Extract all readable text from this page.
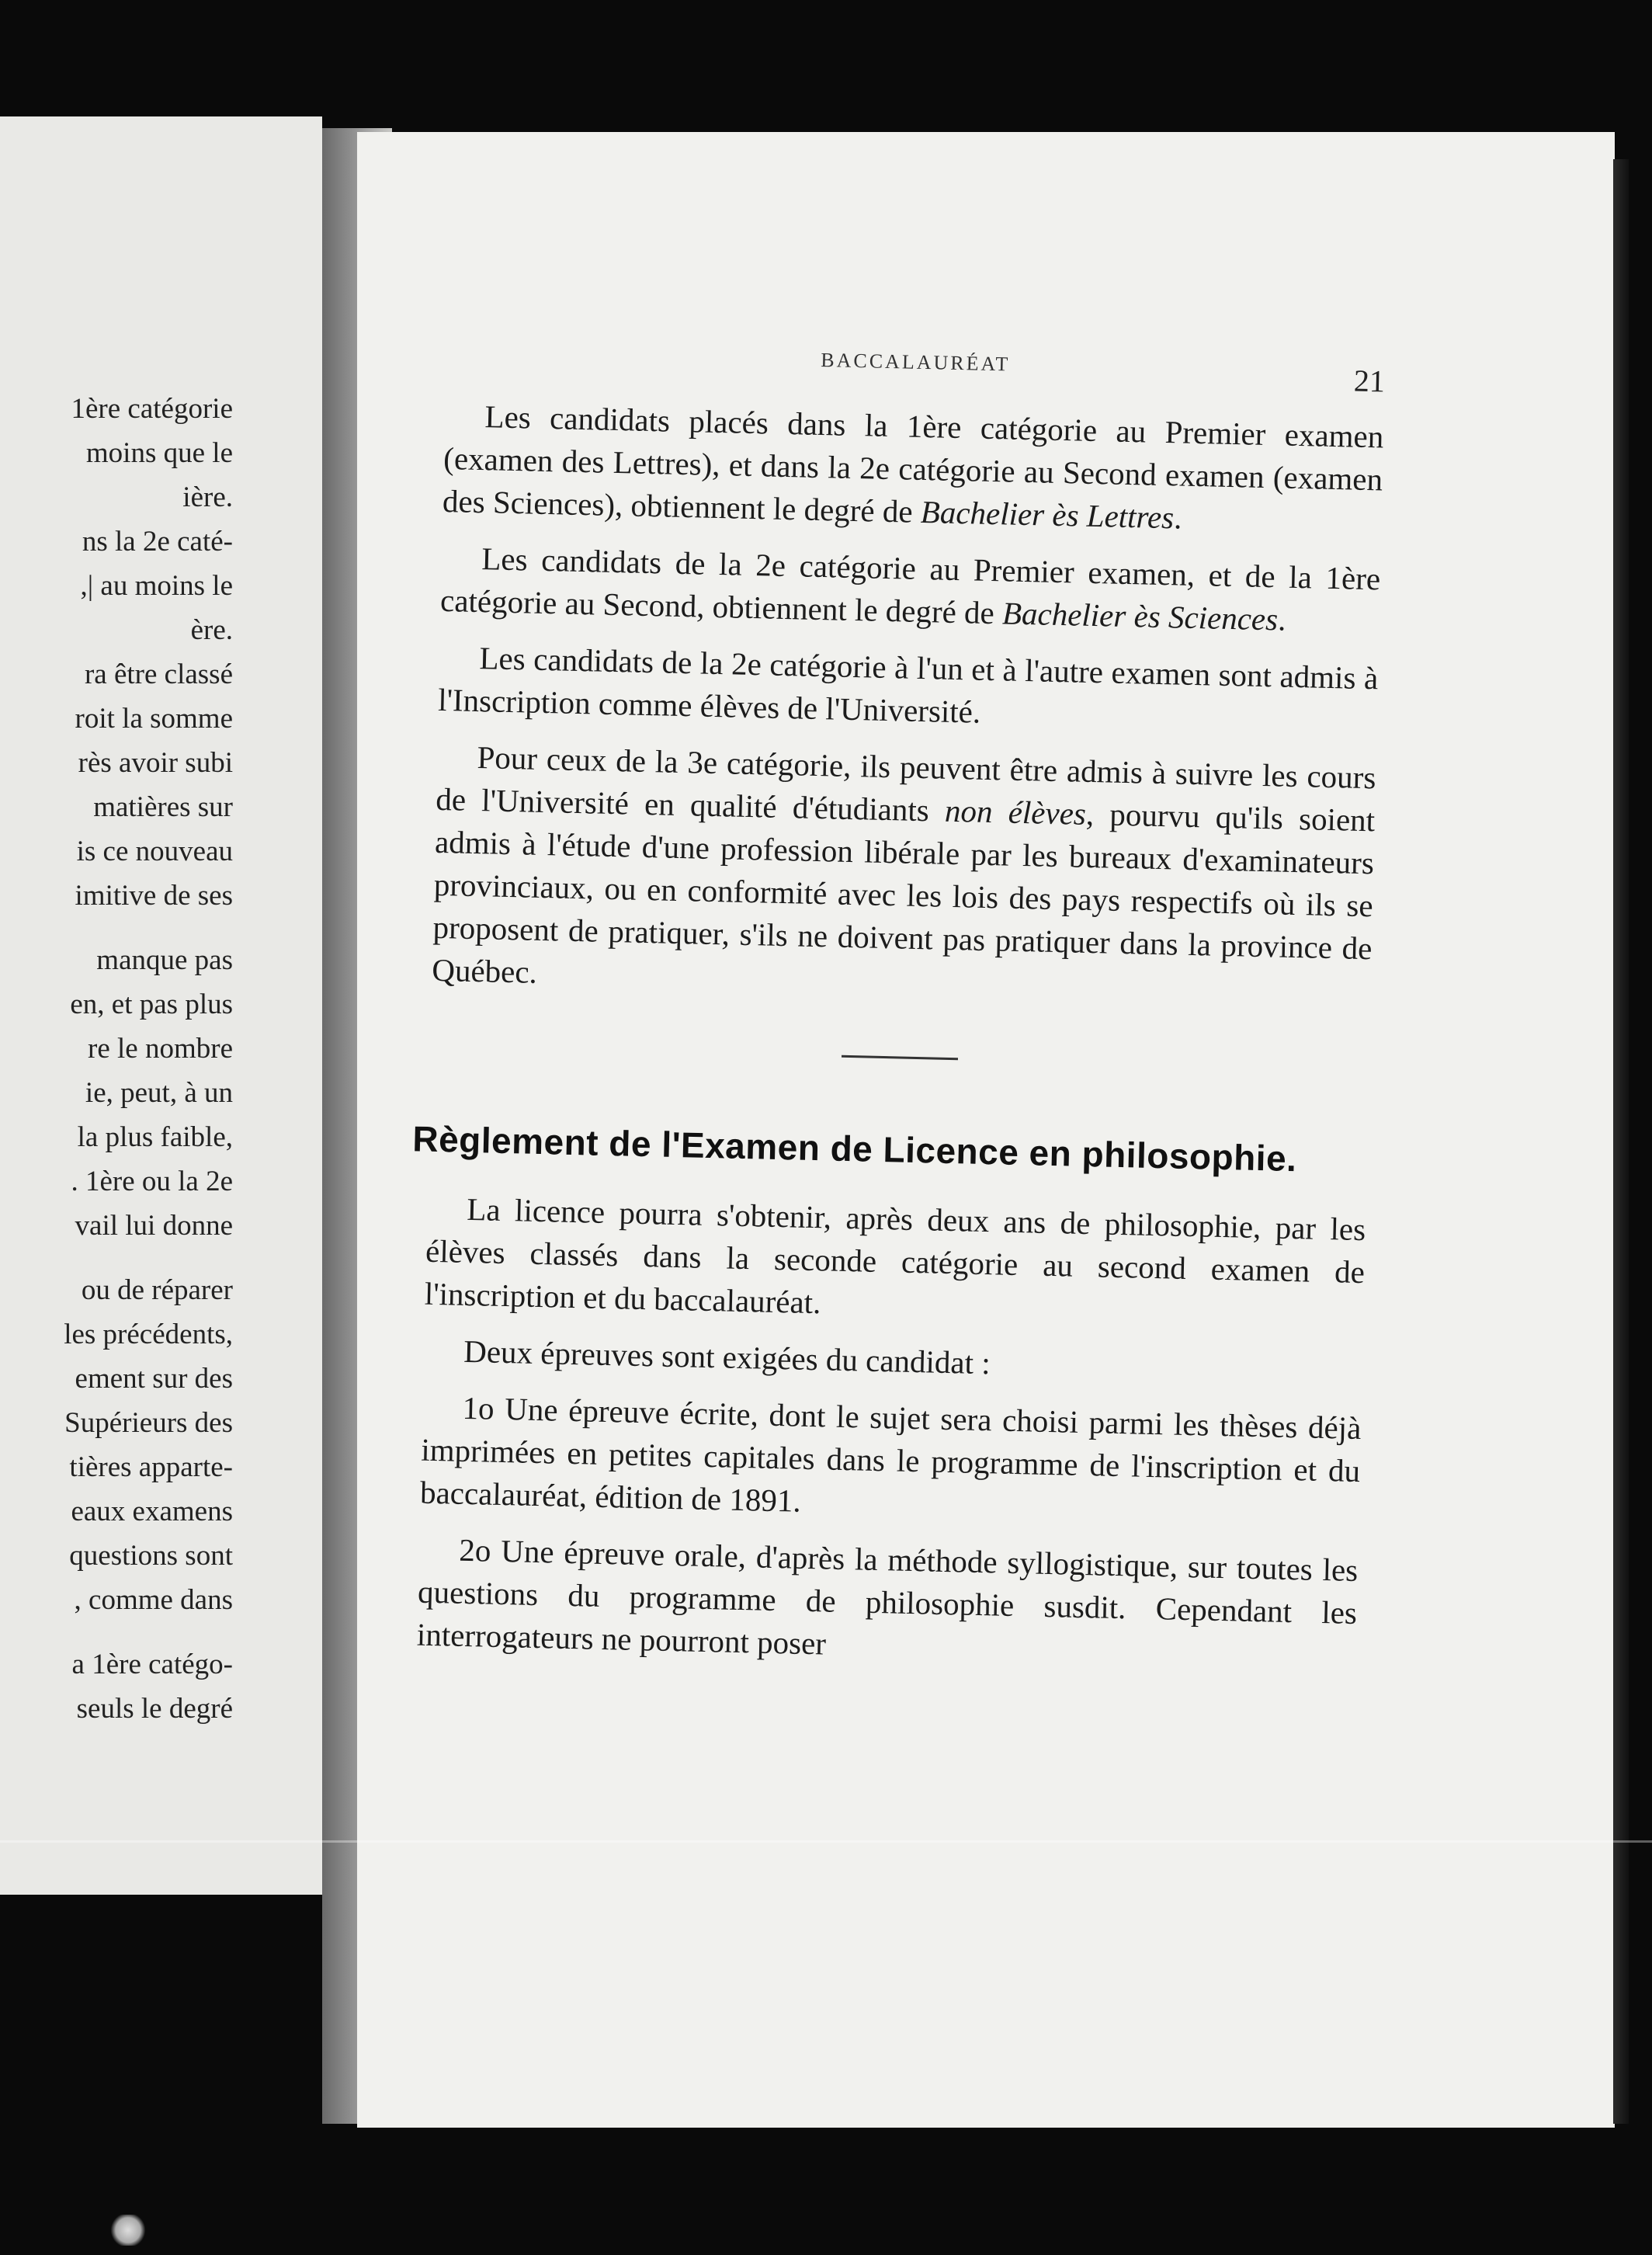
1ère catégorie
moins que le
ière.
ns la 2e caté-
,| au moins le
ère.
ra être classé
roit la somme
rès avoir subi
matières sur
is ce nouveau
imitive de ses
manque pas
en, et pas plus
re le nombre
ie, peut, à un
la plus faible,
. 1ère ou la 2e
vail lui donne
ou de réparer
les précédents,
ement sur des
Supérieurs des
tières apparte-
eaux examens
questions sont
, comme dans
a 1ère catégo-
seuls le degré
BACCALAURÉAT
21

Les candidats placés dans la 1ère catégorie au Premier examen (examen des Lettres), et dans la 2e catégorie au Second examen (examen des Sciences), obtiennent le degré de Bachelier ès Lettres.

Les candidats de la 2e catégorie au Premier examen, et de la 1ère catégorie au Second, obtiennent le degré de Bachelier ès Sciences.

Les candidats de la 2e catégorie à l'un et à l'autre examen sont admis à l'Inscription comme élèves de l'Université.

Pour ceux de la 3e catégorie, ils peuvent être admis à suivre les cours de l'Université en qualité d'étudiants non élèves, pourvu qu'ils soient admis à l'étude d'une profession libérale par les bureaux d'examinateurs provinciaux, ou en conformité avec les lois des pays respectifs où ils se proposent de pratiquer, s'ils ne doivent pas pratiquer dans la province de Québec.

Règlement de l'Examen de Licence en philosophie.

La licence pourra s'obtenir, après deux ans de philosophie, par les élèves classés dans la seconde catégorie au second examen de l'inscription et du baccalauréat.

Deux épreuves sont exigées du candidat :

1o Une épreuve écrite, dont le sujet sera choisi parmi les thèses déjà imprimées en petites capitales dans le programme de l'inscription et du baccalauréat, édition de 1891.

2o Une épreuve orale, d'après la méthode syllogistique, sur toutes les questions du programme de philosophie susdit. Cependant les interrogateurs ne pourront poser
